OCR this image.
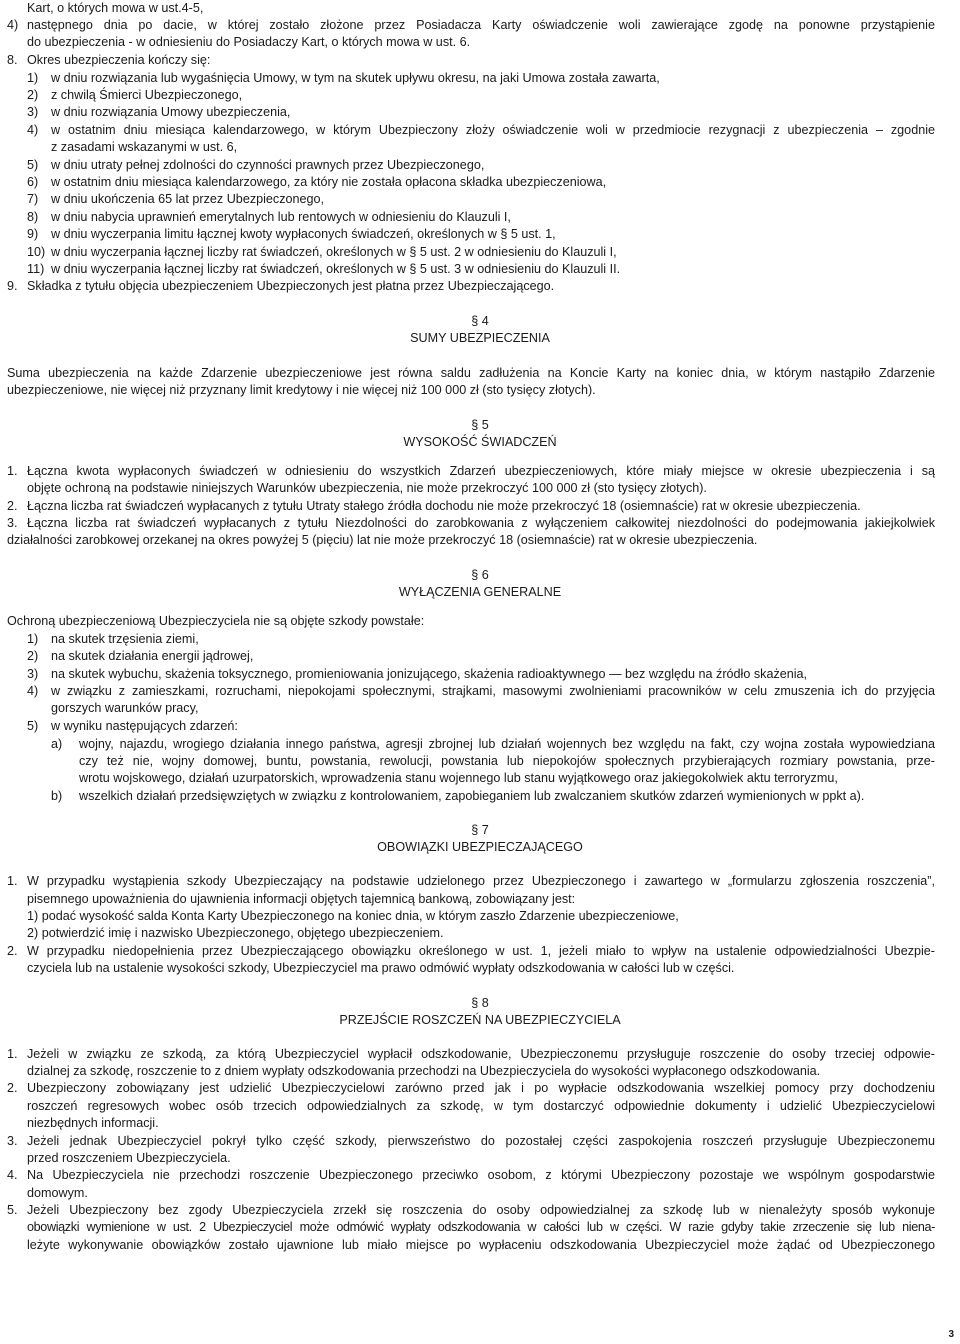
Kart, o których mowa w ust.4-5,
4) następnego dnia po dacie, w której zostało złożone przez Posiadacza Karty oświadczenie woli zawierające zgodę na ponowne przystąpienie
do ubezpieczenia - w odniesieniu do Posiadaczy Kart, o których mowa w ust. 6.
8. Okres ubezpieczenia kończy się:
1) w dniu rozwiązania lub wygaśnięcia Umowy, w tym na skutek upływu okresu, na jaki Umowa została zawarta,
2) z chwilą Śmierci Ubezpieczonego,
3) w dniu rozwiązania Umowy ubezpieczenia,
4) w ostatnim dniu miesiąca kalendarzowego, w którym Ubezpieczony złoży oświadczenie woli w przedmiocie rezygnacji z ubezpieczenia – zgodnie
z zasadami wskazanymi w ust. 6,
5) w dniu utraty pełnej zdolności do czynności prawnych przez Ubezpieczonego,
6) w ostatnim dniu miesiąca kalendarzowego, za który nie została opłacona składka ubezpieczeniowa,
7) w dniu ukończenia 65 lat przez Ubezpieczonego,
8) w dniu nabycia uprawnień emerytalnych lub rentowych w odniesieniu do Klauzuli I,
9) w dniu wyczerpania limitu łącznej kwoty wypłaconych świadczeń, określonych w § 5 ust. 1,
10) w dniu wyczerpania łącznej liczby rat świadczeń, określonych w § 5 ust. 2 w odniesieniu do Klauzuli I,
11) w dniu wyczerpania łącznej liczby rat świadczeń, określonych w § 5 ust. 3 w odniesieniu do Klauzuli II.
9. Składka z tytułu objęcia ubezpieczeniem Ubezpieczonych jest płatna przez Ubezpieczającego.
§ 4
SUMY UBEZPIECZENIA
Suma ubezpieczenia na każde Zdarzenie ubezpieczeniowe jest równa saldu zadłużenia na Koncie Karty na koniec dnia, w którym nastąpiło Zdarzenie
ubezpieczeniowe, nie więcej niż przyznany limit kredytowy i nie więcej niż 100 000 zł (sto tysięcy złotych).
§ 5
WYSOKOŚĆ ŚWIADCZEŃ
1. Łączna kwota wypłaconych świadczeń w odniesieniu do wszystkich Zdarzeń ubezpieczeniowych, które miały miejsce w okresie ubezpieczenia i są
objęte ochroną na podstawie niniejszych Warunków ubezpieczenia, nie może przekroczyć 100 000 zł (sto tysięcy złotych).
2. Łączna liczba rat świadczeń wypłacanych z tytułu Utraty stałego źródła dochodu nie może przekroczyć 18 (osiemnaście) rat w okresie ubezpieczenia.
3. Łączna liczba rat świadczeń wypłacanych z tytułu Niezdolności do zarobkowania z wyłączeniem całkowitej niezdolności do podejmowania jakiejkolwiek
działalności zarobkowej orzekanej na okres powyżej 5 (pięciu) lat nie może przekroczyć 18 (osiemnaście) rat w okresie ubezpieczenia.
§ 6
WYŁĄCZENIA GENERALNE
Ochroną ubezpieczeniową Ubezpieczyciela nie są objęte szkody powstałe:
1) na skutek trzęsienia ziemi,
2) na skutek działania energii jądrowej,
3) na skutek wybuchu, skażenia toksycznego, promieniowania jonizującego, skażenia radioaktywnego — bez względu na źródło skażenia,
4) w związku z zamieszkami, rozruchami, niepokojami społecznymi, strajkami, masowymi zwolnieniami pracowników w celu zmuszenia ich do przyjęcia
gorszych warunków pracy,
5) w wyniku następujących zdarzeń:
a) wojny, najazdu, wrogiego działania innego państwa, agresji zbrojnej lub działań wojennych bez względu na fakt, czy wojna została wypowiedziana
czy też nie, wojny domowej, buntu, powstania, rewolucji, powstania lub niepokojów społecznych przybierających rozmiary powstania, prze-
wrotu wojskowego, działań uzurpatorskich, wprowadzenia stanu wojennego lub stanu wyjątkowego oraz jakiegokolwiek aktu terroryzmu,
b) wszelkich działań przedsięwziętych w związku z kontrolowaniem, zapobieganiem lub zwalczaniem skutków zdarzeń wymienionych w ppkt a).
§ 7
OBOWIĄZKI UBEZPIECZAJĄCEGO
1. W przypadku wystąpienia szkody Ubezpieczający na podstawie udzielonego przez Ubezpieczonego i zawartego w „formularzu zgłoszenia roszczenia”,
pisemnego upoważnienia do ujawnienia informacji objętych tajemnicą bankową, zobowiązany jest:
1) podać wysokość salda Konta Karty Ubezpieczonego na koniec dnia, w którym zaszło Zdarzenie ubezpieczeniowe,
2) potwierdzić imię i nazwisko Ubezpieczonego, objętego ubezpieczeniem.
2. W przypadku niedopełnienia przez Ubezpieczającego obowiązku określonego w ust. 1, jeżeli miało to wpływ na ustalenie odpowiedzialności Ubezpie-
czyciela lub na ustalenie wysokości szkody, Ubezpieczyciel ma prawo odmówić wypłaty odszkodowania w całości lub w części.
§ 8
PRZEJŚCIE ROSZCZEŃ NA UBEZPIECZYCIELA
1. Jeżeli w związku ze szkodą, za którą Ubezpieczyciel wypłacił odszkodowanie, Ubezpieczonemu przysługuje roszczenie do osoby trzeciej odpowie-
dzialnej za szkodę, roszczenie to z dniem wypłaty odszkodowania przechodzi na Ubezpieczyciela do wysokości wypłaconego odszkodowania.
2. Ubezpieczony zobowiązany jest udzielić Ubezpieczycielowi zarówno przed jak i po wypłacie odszkodowania wszelkiej pomocy przy dochodzeniu
roszczeń regresowych wobec osób trzecich odpowiedzialnych za szkodę, w tym dostarczyć odpowiednie dokumenty i udzielić Ubezpieczycielowi
niezbędnych informacji.
3. Jeżeli jednak Ubezpieczyciel pokrył tylko część szkody, pierwszeństwo do pozostałej części zaspokojenia roszczeń przysługuje Ubezpieczonemu
przed roszczeniem Ubezpieczyciela.
4. Na Ubezpieczyciela nie przechodzi roszczenie Ubezpieczonego przeciwko osobom, z którymi Ubezpieczony pozostaje we wspólnym gospodarstwie
domowym.
5. Jeżeli Ubezpieczony bez zgody Ubezpieczyciela zrzekł się roszczenia do osoby odpowiedzialnej za szkodę lub w nienależyty sposób wykonuje
obowiązki wymienione w ust. 2 Ubezpieczyciel może odmówić wypłaty odszkodowania w całości lub w części. W razie gdyby takie zrzeczenie się lub niena-
leżyte wykonywanie obowiązków zostało ujawnione lub miało miejsce po wypłaceniu odszkodowania Ubezpieczyciel może żądać od Ubezpieczonego
3
